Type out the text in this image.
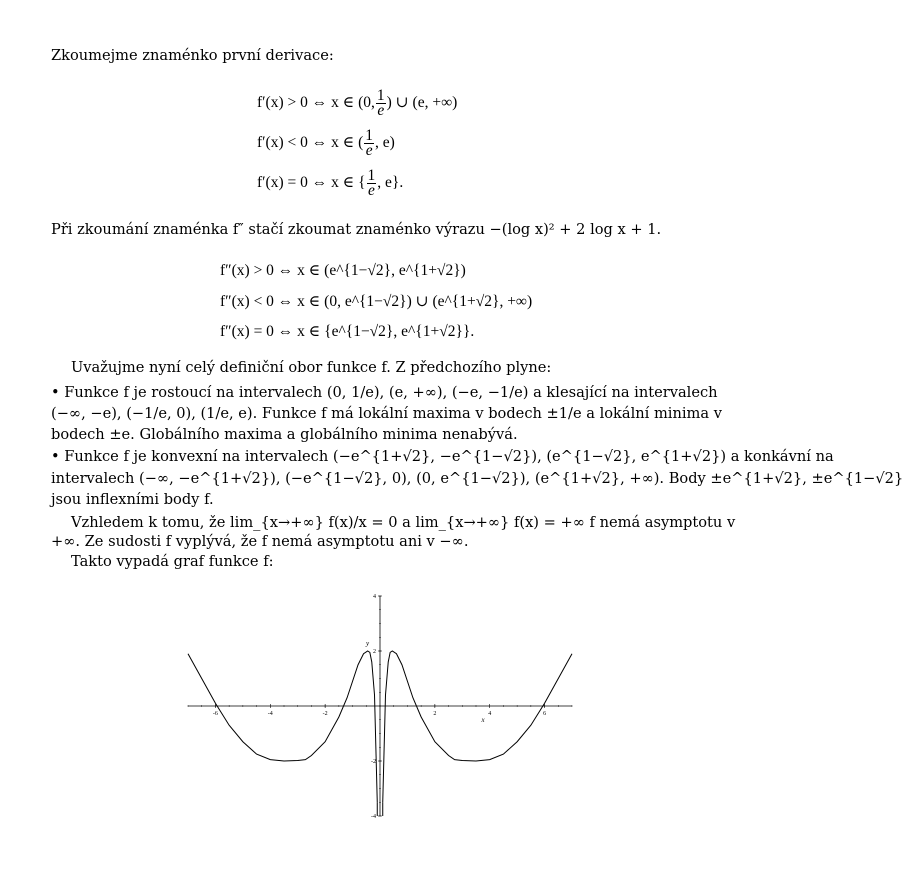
Zkoumejme znaménko první derivace:
f′(x) > 0 ⇔ x ∈ (0, $\frac{1}{e}$ ) ∪ (e, +∞)
f′(x) < 0 ⇔ x ∈ ( $\frac{1}{e}$ , e)
f′(x) = 0 ⇔ x ∈ { $\frac{1}{e}$ , e}.
Při zkoumání znaménka f″ stačí zkoumat znaménko výrazu −(log x)² + 2 log x + 1.
f″(x) > 0 ⇔ x ∈ (e^{1−√2}, e^{1+√2})
f″(x) < 0 ⇔ x ∈ (0, e^{1−√2}) ∪ (e^{1+√2}, +∞)
f″(x) = 0 ⇔ x ∈ {e^{1−√2}, e^{1+√2}}.
Uvažujme nyní celý definiční obor funkce f. Z předchozího plyne:
• Funkce f je rostoucí na intervalech (0, 1/e), (e, +∞), (−e, −1/e) a klesající na intervalech
(−∞, −e), (−1/e, 0), (1/e, e). Funkce f má lokální maxima v bodech ±1/e a lokální minima v
bodech ±e. Globálního maxima a globálního minima nenabývá.
• Funkce f je konvexní na intervalech (−e^{1+√2}, −e^{1−√2}), (e^{1−√2}, e^{1+√2}) a konkávní na
intervalech (−∞, −e^{1+√2}), (−e^{1−√2}, 0), (0, e^{1−√2}), (e^{1+√2}, +∞). Body ±e^{1+√2}, ±e^{1−√2}
jsou inflexními body f.
Vzhledem k tomu, že lim_{x→+∞} f(x)/x = 0 a lim_{x→+∞} f(x) = +∞ f nemá asymptotu v
+∞. Ze sudosti f vyplývá, že f nemá asymptotu ani v −∞.
Takto vypadá graf funkce f:
-6	-4	-2	2	4	6
4
2
-2
-4
x
y
